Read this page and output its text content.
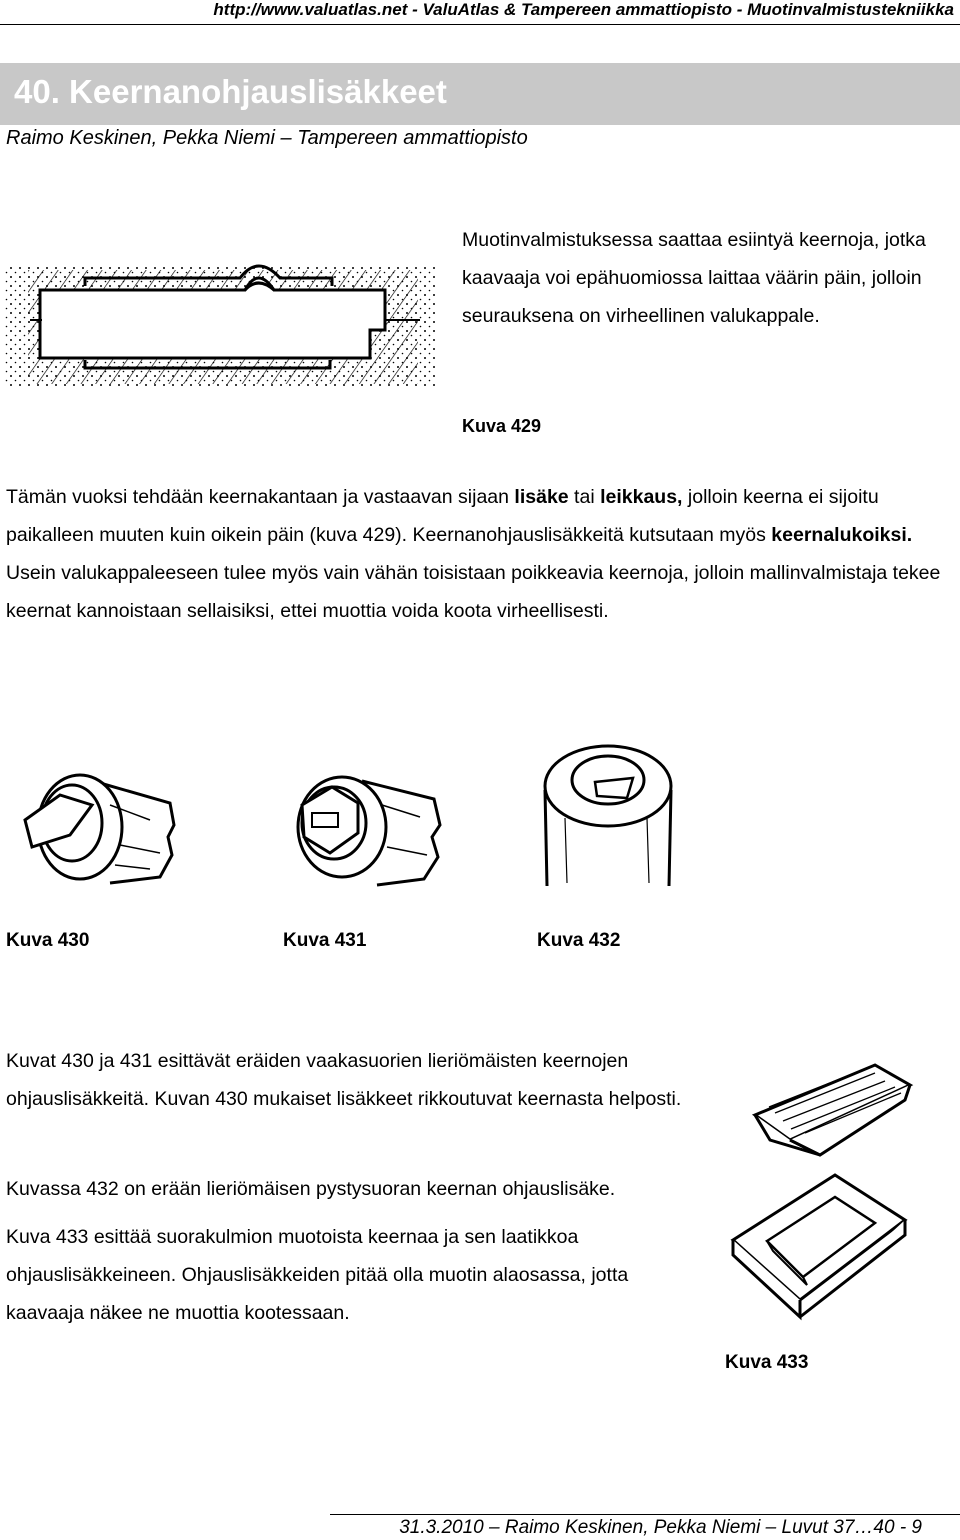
http://www.valuatlas.net - ValuAtlas & Tampereen ammattiopisto - Muotinvalmistustekniikka
40. Keernanohjauslisäkkeet
Raimo Keskinen, Pekka Niemi – Tampereen ammattiopisto
Muotinvalmistuksessa saattaa esiintyä keernoja, jotka kaavaaja voi epähuomiossa laittaa väärin päin, jolloin seurauksena on virheellinen valukappale.
Kuva 429
Tämän vuoksi tehdään keernakantaan ja vastaavan sijaan lisäke tai leikkaus, jolloin keerna ei sijoitu paikalleen muuten kuin oikein päin (kuva 429). Keernanohjauslisäkkeitä kutsutaan myös keernalukoiksi. Usein valukappaleeseen tulee myös vain vähän toisistaan poikkeavia keernoja, jolloin mallinvalmistaja tekee keernat kannoistaan sellaisiksi, ettei muottia voida koota virheellisesti.
Kuva 430	Kuva 431	Kuva 432
Kuvat 430 ja 431 esittävät eräiden vaakasuorien lieriömäisten keernojen ohjauslisäkkeitä. Kuvan 430 mukaiset lisäkkeet rikkoutuvat keernasta helposti.
Kuvassa 432 on erään lieriömäisen pystysuoran keernan ohjauslisäke.
Kuva 433 esittää suorakulmion muotoista keernaa ja sen laatikkoa ohjauslisäkkeineen. Ohjauslisäkkeiden pitää olla muotin alaosassa, jotta kaavaaja näkee ne muottia kootessaan.
Kuva 433
31.3.2010 – Raimo Keskinen, Pekka Niemi – Luvut 37…40 - 9
